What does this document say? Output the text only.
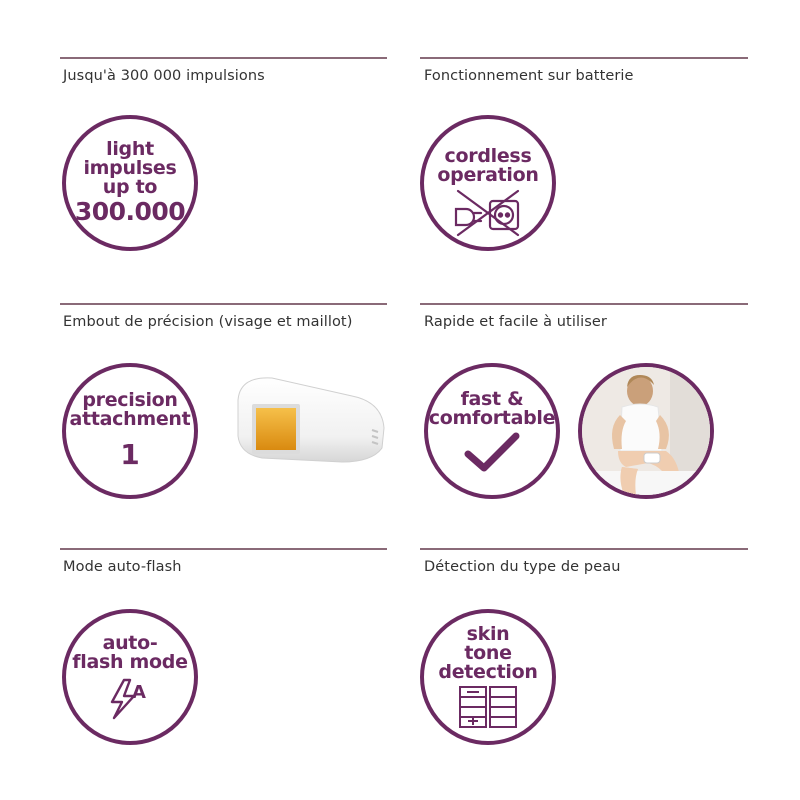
Jusqu'à 300 000 impulsions	Fonctionnement sur batterie
light
impulses
up to
300.000
cordless
operation
Embout de précision (visage et maillot)	Rapide et facile à utiliser
precision
attachment
1
fast &
comfortable
Mode auto-flash	Détection du type de peau
auto-
flash mode
A
skin
tone
detection
